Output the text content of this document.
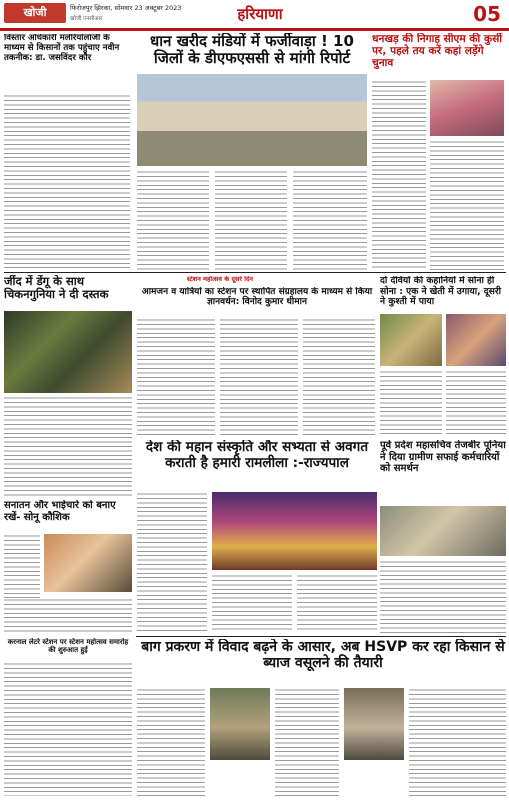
खोजी	फिरोजपुर झिरका, सोमवार 23 अक्टूबर 2023
खोजी एनसीआर	हरियाणा	05
विस्तार अधिकारी मलेरियोलॉजी के माध्यम से किसानों तक पहुंचाए नवीन तकनीक: डा. जसविंदर कौर
धान खरीद मंडियों में फर्जीवाड़ा ! 10 जिलों के डीएफएससी से मांगी रिपोर्ट
धनखड़ की निगाह सीएम की कुर्सी पर, पहले तय करें कहां लड़ेंगे चुनाव
जींद में डेंगू के साथ चिकनगुनिया ने दी दस्तक
स्टेशन महोत्सव के दूसरे दिन
आमजन व यात्रियों का स्टेशन पर स्थापित संग्रहालय के माध्यम से किया ज्ञानवर्धन: विनोद कुमार धीमान
दो देवियों की कहानियों में सोना ही सोना : एक ने खेती में उगाया, दूसरी ने कुश्ती में पाया
देश की महान संस्कृति और सभ्यता से अवगत कराती है हमारी रामलीला :-राज्यपाल
सनातन और भाईचारे को बनाए रखें- सोनू कौशिक
पूर्व प्रदेश महासचिव तेजबीर पूनिया ने दिया ग्रामीण सफाई कर्मचारियों को समर्थन
करनाल लेटरे स्टेशन पर स्टेशन महोत्सव समारोह की शुरुआत हुई	बाग प्रकरण में विवाद बढ़ने के आसार, अब HSVP कर रहा किसान से ब्याज वसूलने की तैयारी
